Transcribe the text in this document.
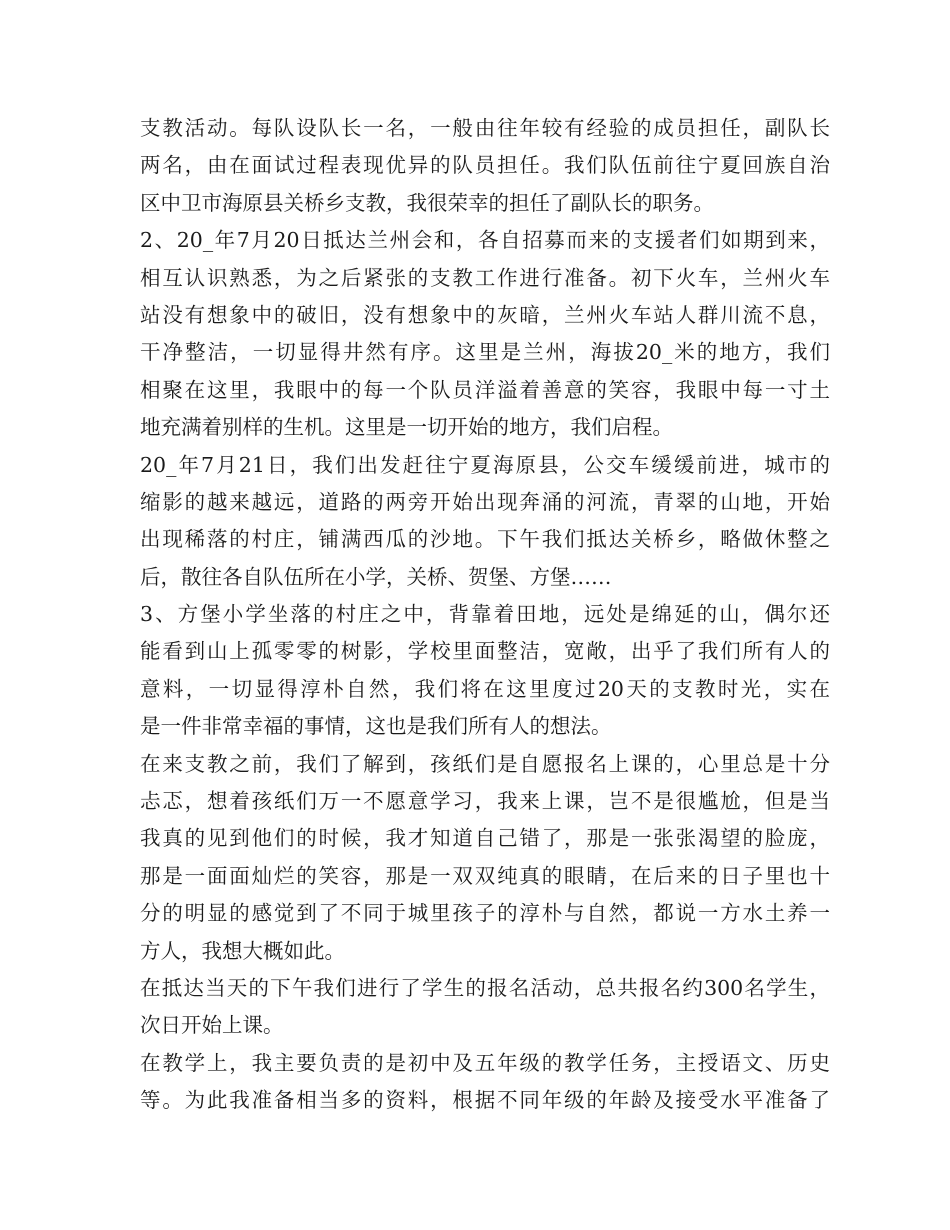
支教活动。每队设队长一名，一般由往年较有经验的成员担任，副队长
两名，由在面试过程表现优异的队员担任。我们队伍前往宁夏回族自治
区中卫市海原县关桥乡支教，我很荣幸的担任了副队长的职务。
2、20_年7月20日抵达兰州会和，各自招募而来的支援者们如期到来，
相互认识熟悉，为之后紧张的支教工作进行准备。初下火车，兰州火车
站没有想象中的破旧，没有想象中的灰暗，兰州火车站人群川流不息，
干净整洁，一切显得井然有序。这里是兰州，海拔20_米的地方，我们
相聚在这里，我眼中的每一个队员洋溢着善意的笑容，我眼中每一寸土
地充满着别样的生机。这里是一切开始的地方，我们启程。
20_年7月21日，我们出发赶往宁夏海原县，公交车缓缓前进，城市的
缩影的越来越远，道路的两旁开始出现奔涌的河流，青翠的山地，开始
出现稀落的村庄，铺满西瓜的沙地。下午我们抵达关桥乡，略做休整之
后，散往各自队伍所在小学，关桥、贺堡、方堡……
3、方堡小学坐落的村庄之中，背靠着田地，远处是绵延的山，偶尔还
能看到山上孤零零的树影，学校里面整洁，宽敞，出乎了我们所有人的
意料，一切显得淳朴自然，我们将在这里度过20天的支教时光，实在
是一件非常幸福的事情，这也是我们所有人的想法。
在来支教之前，我们了解到，孩纸们是自愿报名上课的，心里总是十分
忐忑，想着孩纸们万一不愿意学习，我来上课，岂不是很尴尬，但是当
我真的见到他们的时候，我才知道自己错了，那是一张张渴望的脸庞，
那是一面面灿烂的笑容，那是一双双纯真的眼睛，在后来的日子里也十
分的明显的感觉到了不同于城里孩子的淳朴与自然，都说一方水土养一
方人，我想大概如此。
在抵达当天的下午我们进行了学生的报名活动，总共报名约300名学生，
次日开始上课。
在教学上，我主要负责的是初中及五年级的教学任务，主授语文、历史
等。为此我准备相当多的资料，根据不同年级的年龄及接受水平准备了
